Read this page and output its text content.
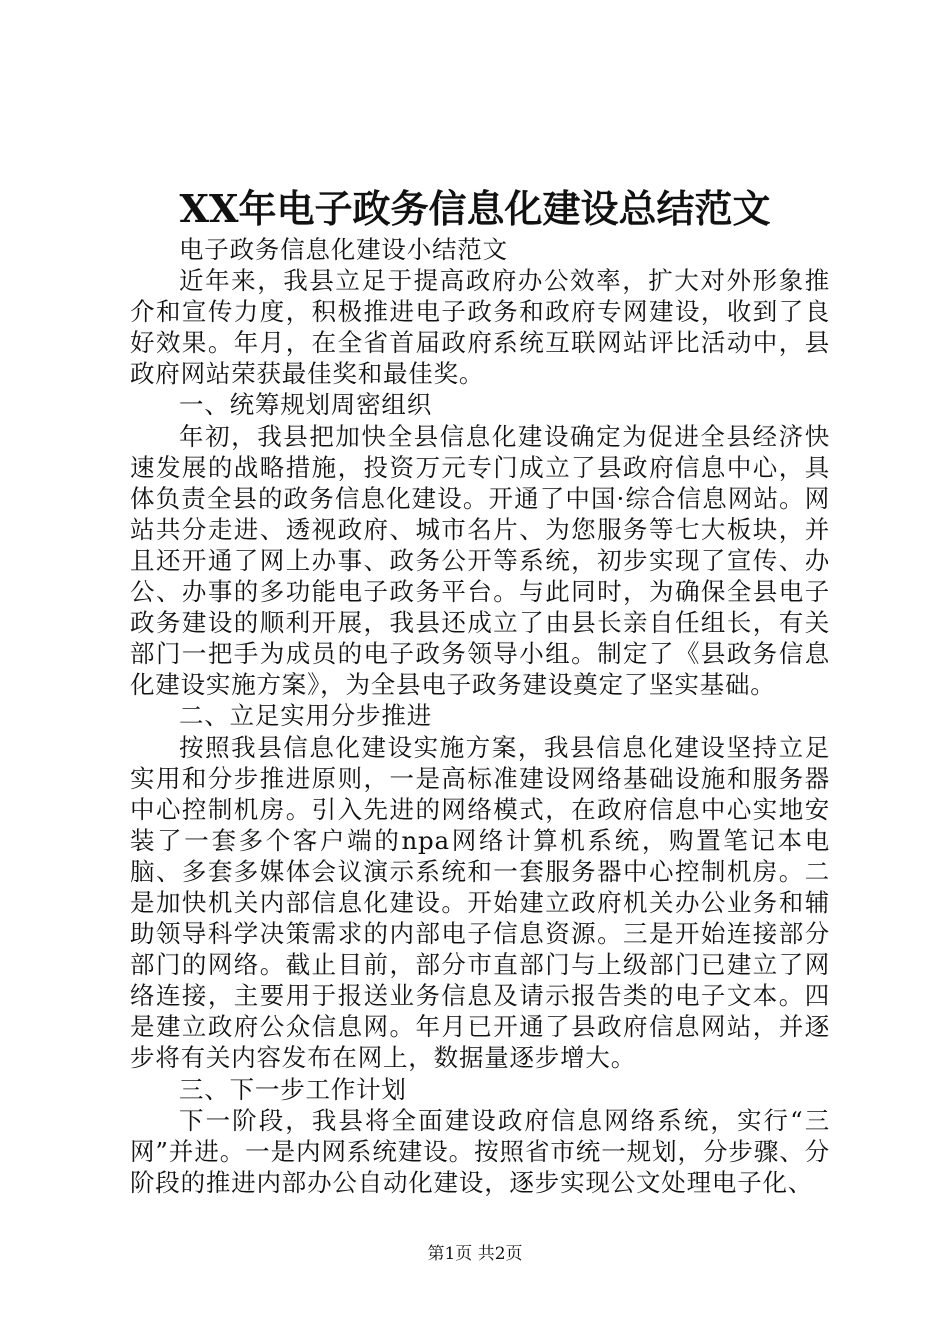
XX年电子政务信息化建设总结范文

电子政务信息化建设小结范文

近年来，我县立足于提高政府办公效率，扩大对外形象推介和宣传力度，积极推进电子政务和政府专网建设，收到了良好效果。年月，在全省首届政府系统互联网站评比活动中，县政府网站荣获最佳奖和最佳奖。

一、统筹规划周密组织

年初，我县把加快全县信息化建设确定为促进全县经济快速发展的战略措施，投资万元专门成立了县政府信息中心，具体负责全县的政务信息化建设。开通了中国·综合信息网站。网站共分走进、透视政府、城市名片、为您服务等七大板块，并且还开通了网上办事、政务公开等系统，初步实现了宣传、办公、办事的多功能电子政务平台。与此同时，为确保全县电子政务建设的顺利开展，我县还成立了由县长亲自任组长，有关部门一把手为成员的电子政务领导小组。制定了《县政务信息化建设实施方案》，为全县电子政务建设奠定了坚实基础。

二、立足实用分步推进

按照我县信息化建设实施方案，我县信息化建设坚持立足实用和分步推进原则，一是高标准建设网络基础设施和服务器中心控制机房。引入先进的网络模式，在政府信息中心实地安装了一套多个客户端的npa网络计算机系统，购置笔记本电脑、多套多媒体会议演示系统和一套服务器中心控制机房。二是加快机关内部信息化建设。开始建立政府机关办公业务和辅助领导科学决策需求的内部电子信息资源。三是开始连接部分部门的网络。截止目前，部分市直部门与上级部门已建立了网络连接，主要用于报送业务信息及请示报告类的电子文本。四是建立政府公众信息网。年月已开通了县政府信息网站，并逐步将有关内容发布在网上，数据量逐步增大。

三、下一步工作计划

下一阶段，我县将全面建设政府信息网络系统，实行“三网”并进。一是内网系统建设。按照省市统一规划，分步骤、分阶段的推进内部办公自动化建设，逐步实现公文处理电子化、

第1页 共2页
